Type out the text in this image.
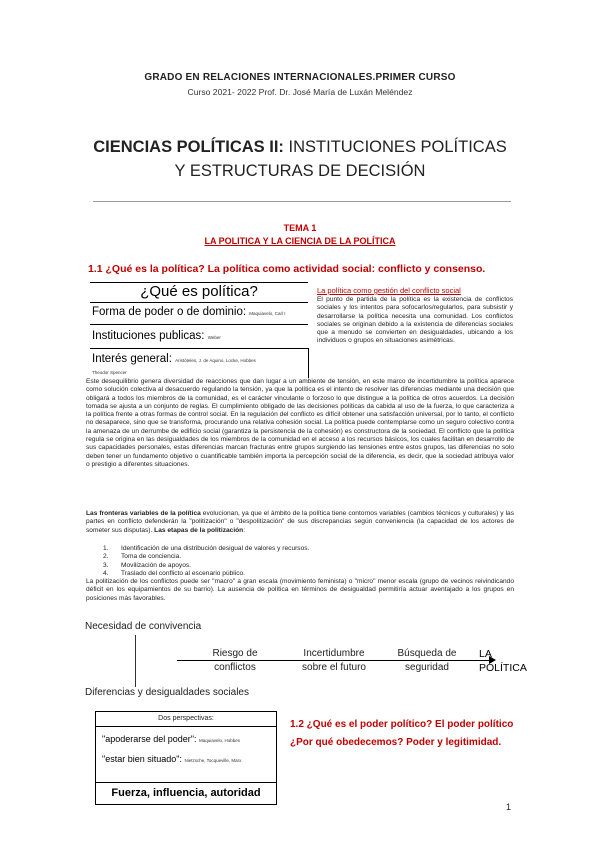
GRADO EN RELACIONES INTERNACIONALES.PRIMER CURSO
Curso 2021- 2022 Prof. Dr. José María de Luxán Meléndez
CIENCIAS POLÍTICAS II: INSTITUCIONES POLÍTICAS
Y ESTRUCTURAS DE DECISIÓN
TEMA 1
LA POLITICA Y LA CIENCIA DE LA POLÍTICA
1.1 ¿Qué es la política? La política como actividad social: conflicto y consenso.
¿Qué es política?
Forma de poder o de dominio: Maquiavelo, Carl I
Instituciones publicas: Weber
Interés general: Aristóteles, J. de Aquino, Locke, Hobbes
Theodor Spencer
La política como gestión del conflicto social
El punto de partida de la política es la existencia de conflictos sociales y los intentos para sofocarlos/regularlos, para subsistir y desarrollarse la política necesita una comunidad. Los conflictos sociales se originan debido a la existencia de diferencias sociales que a menudo se convierten en desigualdades, ubicando a los individuos o grupos en situaciones asimétricas.
Este desequilibrio genera diversidad de reacciones que dan lugar a un ambiente de tensión, en este marco de incertidumbre la política aparece como solución colectiva al desacuerdo regulando la tensión, ya que la política es el intento de resolver las diferencias mediante una decisión que obligará a todos los miembros de la comunidad, es el carácter vinculante o forzoso lo que distingue a la política de otros acuerdos. La decisión tomada se ajusta a un conjunto de reglas. El cumplimiento obligado de las decisiones políticas da cabida al uso de la fuerza, lo que caracteriza a la política frente a otras formas de control social. En la regulación del conflicto es difícil obtener una satisfacción universal, por lo tanto, el conflicto no desaparece, sino que se transforma, procurando una relativa cohesión social. La política puede contemplarse como un seguro colectivo contra la amenaza de un derrumbe de edificio social (garantiza la persistencia de la cohesión) es constructora de la sociedad. El conflicto que la política regula se origina en las desigualdades de los miembros de la comunidad en el acceso a los recursos básicos, los cuales facilitan en desarrollo de sus capacidades personales, estas diferencias marcan fracturas entre grupos surgiendo las tensiones entre estos grupos, las diferencias no solo deben tener un fundamento objetivo o cuantificable también importa la percepción social de la diferencia, es decir, que la sociedad atribuya valor o prestigio a diferentes situaciones.
Las fronteras variables de la política evolucionan, ya que el ámbito de la política tiene contornos variables (cambios técnicos y culturales) y las partes en conflicto defenderán la "politización" o "despolitización" de sus discrepancias según conveniencia (la capacidad de los actores de someter sus disputas). Las etapas de la politización:
1. Identificación de una distribución desigual de valores y recursos.
2. Toma de conciencia.
3. Movilización de apoyos.
4. Traslado del conflicto al escenario público.
La politización de los conflictos puede ser "macro" a gran escala (movimiento feminista) o "micro" menor escala (grupo de vecinos reivindicando déficit en los equipamientos de su barrio). La ausencia de política en términos de desigualdad permitiría actuar aventajado a los grupos en posiciones más favorables.
Necesidad de convivencia
Riesgo de
conflictos
Incertidumbre
sobre el futuro
Búsqueda de
seguridad
LA
POLÍTICA
Diferencias y desigualdades sociales
Dos perspectivas:
"apoderarse del poder": Maquiavelo, Hobbes
"estar bien situado": Nietzsche, Tocqueville, Marx
Fuerza, influencia, autoridad
1.2 ¿Qué es el poder político? El poder político
¿Por qué obedecemos? Poder y legitimidad.
1
